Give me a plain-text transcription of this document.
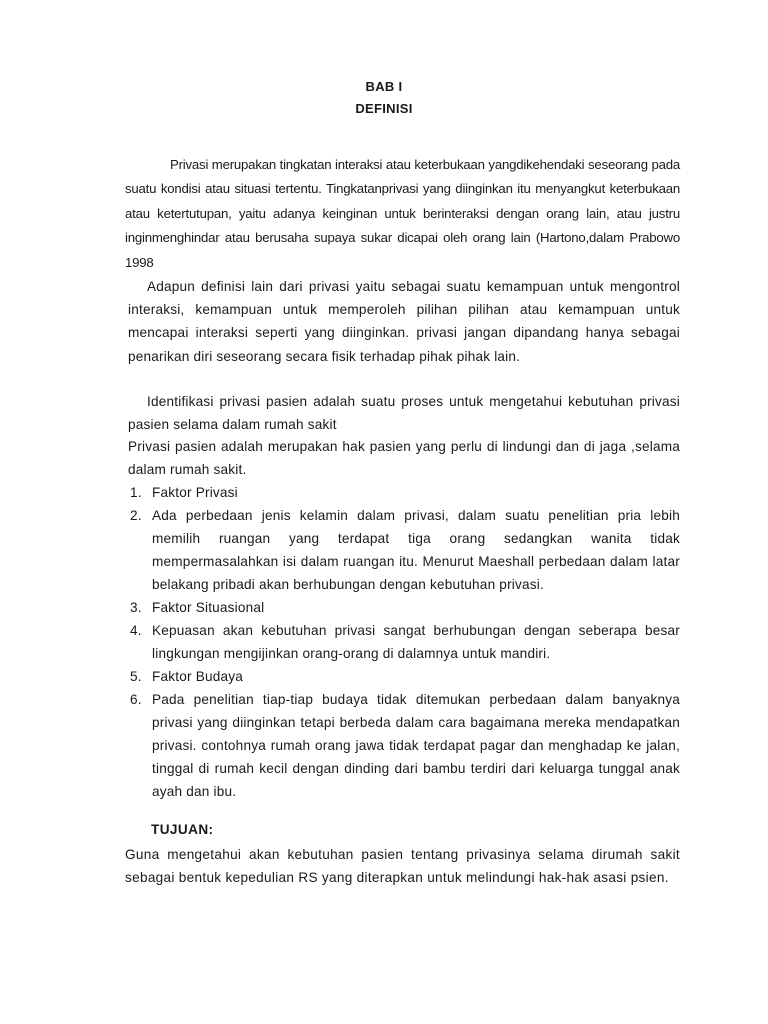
BAB I
DEFINISI

Privasi merupakan tingkatan interaksi atau keterbukaan yangdikehendaki seseorang pada suatu kondisi atau situasi tertentu. Tingkatanprivasi yang diinginkan itu menyangkut keterbukaan atau ketertutupan, yaitu adanya keinginan untuk berinteraksi dengan orang lain, atau justru inginmenghindar atau berusaha supaya sukar dicapai oleh orang lain (Hartono,dalam Prabowo 1998

Adapun definisi lain dari privasi yaitu sebagai suatu kemampuan untuk mengontrol interaksi, kemampuan untuk memperoleh pilihan pilihan atau kemampuan untuk mencapai interaksi seperti yang diinginkan. privasi jangan dipandang hanya sebagai penarikan diri seseorang secara fisik terhadap pihak pihak lain.

Identifikasi privasi pasien adalah suatu proses untuk mengetahui kebutuhan privasi pasien selama dalam rumah sakit

Privasi pasien adalah merupakan hak pasien yang perlu di lindungi dan di jaga ,selama dalam rumah sakit.

1. Faktor Privasi
2. Ada perbedaan jenis kelamin dalam privasi, dalam suatu penelitian pria lebih memilih ruangan yang terdapat tiga orang sedangkan wanita tidak mempermasalahkan isi dalam ruangan itu. Menurut Maeshall perbedaan dalam latar belakang pribadi akan berhubungan dengan kebutuhan privasi.
3. Faktor Situasional
4. Kepuasan akan kebutuhan privasi sangat berhubungan dengan seberapa besar lingkungan mengijinkan orang-orang di dalamnya untuk mandiri.
5. Faktor Budaya
6. Pada penelitian tiap-tiap budaya tidak ditemukan perbedaan dalam banyaknya privasi yang diinginkan tetapi berbeda dalam cara bagaimana mereka mendapatkan privasi. contohnya rumah orang jawa tidak terdapat pagar dan menghadap ke jalan, tinggal di rumah kecil dengan dinding dari bambu terdiri dari keluarga tunggal anak ayah dan ibu.
TUJUAN:

Guna mengetahui akan kebutuhan pasien tentang privasinya selama dirumah sakit sebagai bentuk kepedulian RS yang diterapkan untuk melindungi hak-hak asasi psien.
